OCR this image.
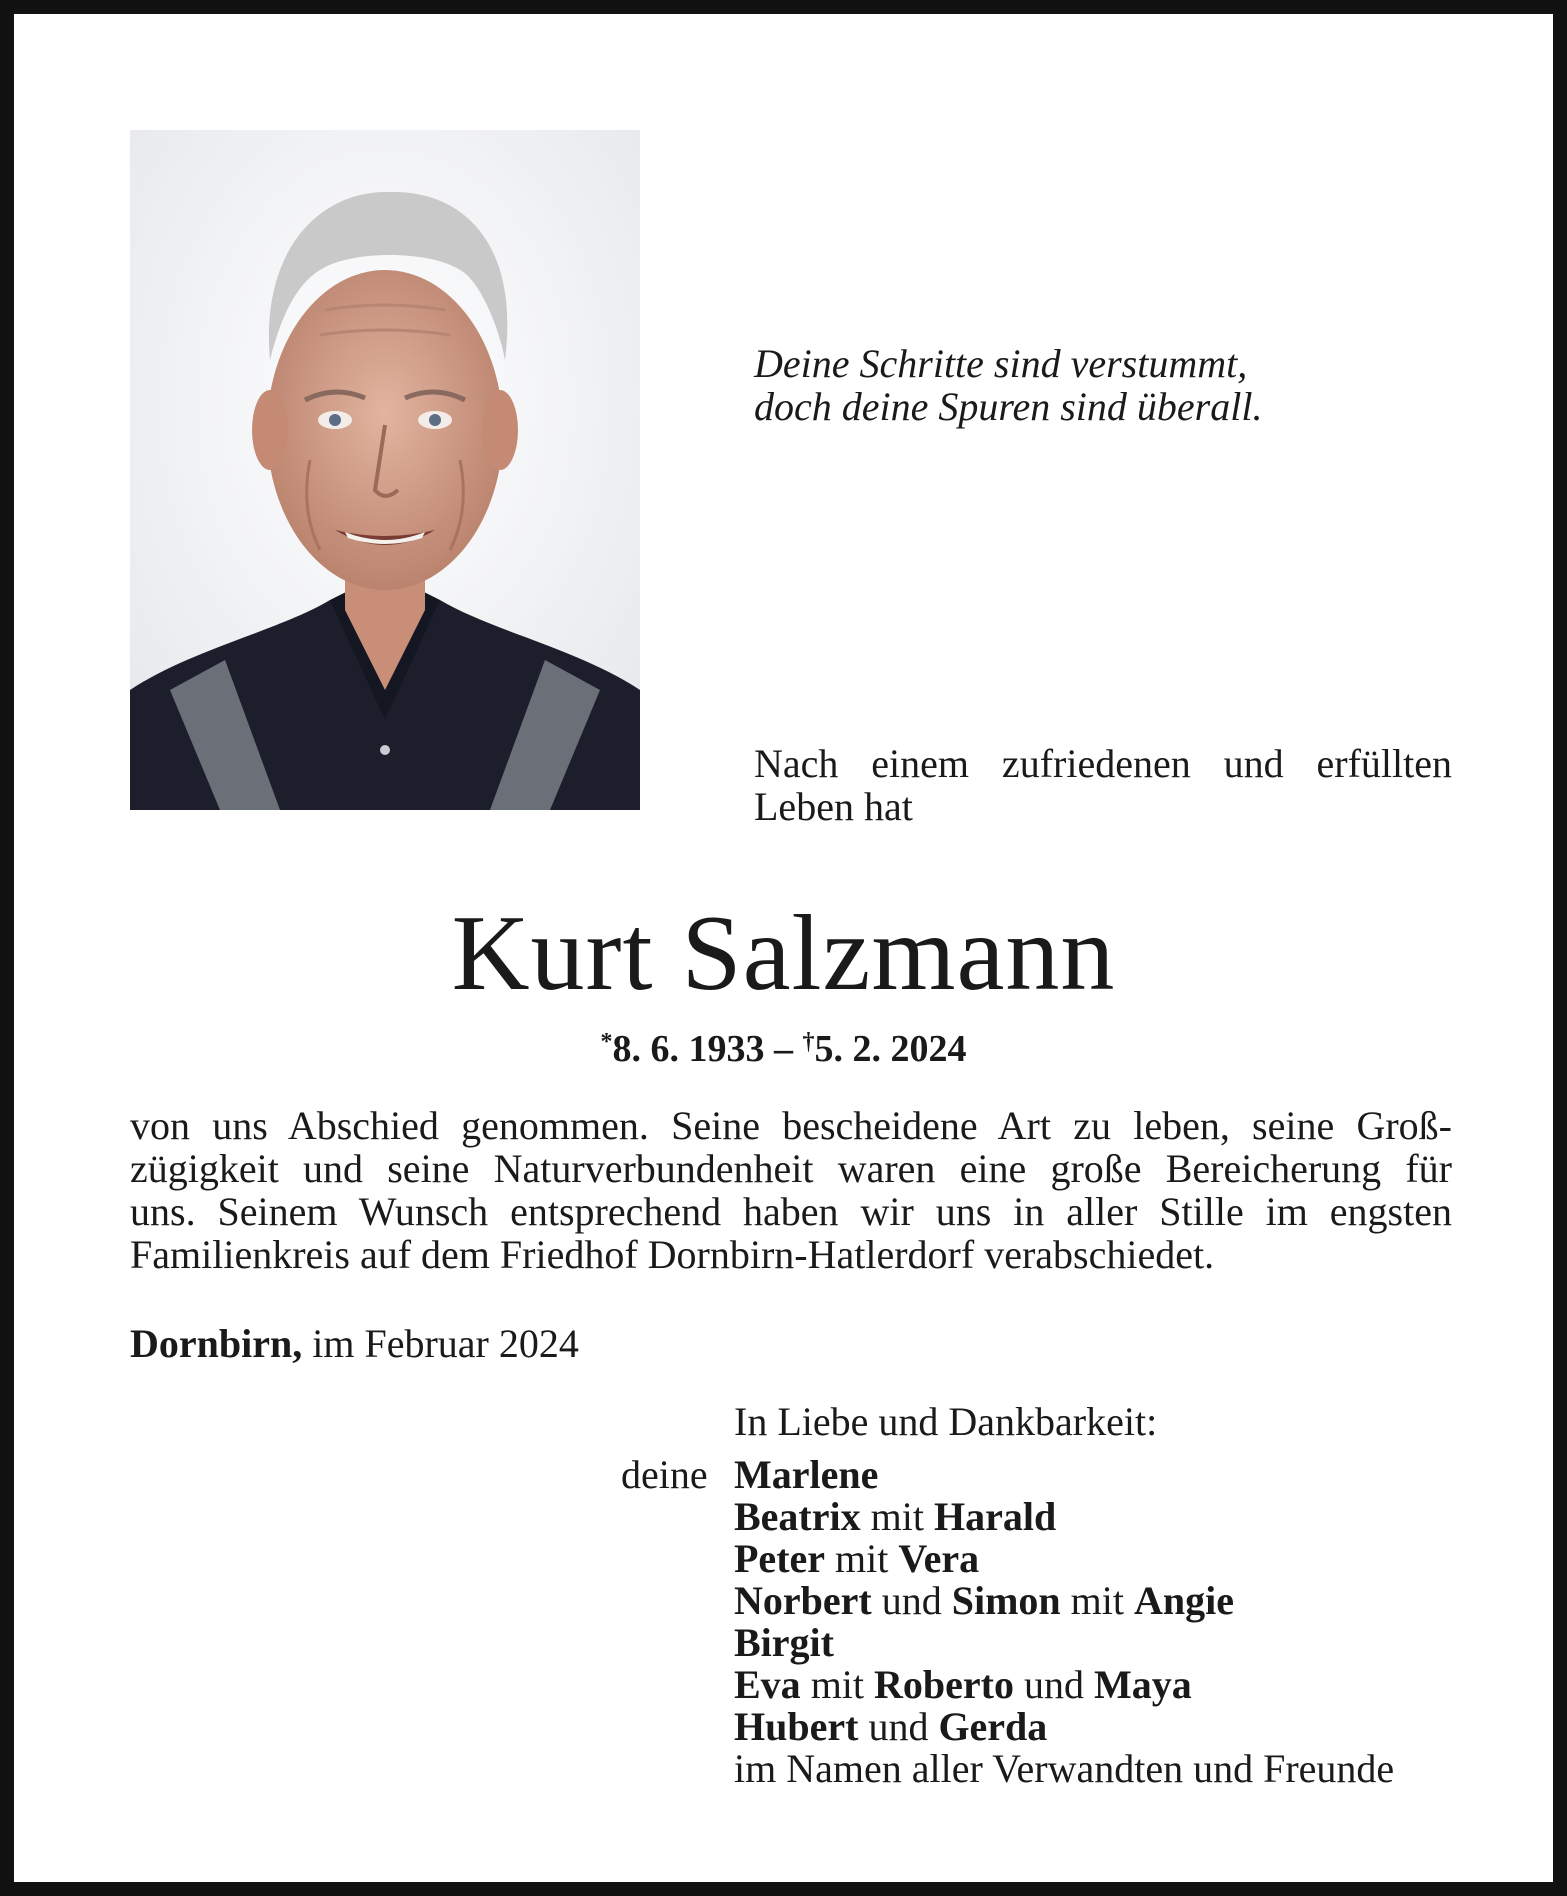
Deine Schritte sind verstummt,
doch deine Spuren sind überall.
Nach einem zufriedenen und erfüllten
Leben hat
Kurt Salzmann
*8. 6. 1933 – †5. 2. 2024
von uns Abschied genommen. Seine bescheidene Art zu leben, seine Groß-
zügigkeit und seine Naturverbundenheit waren eine große Bereicherung für
uns. Seinem Wunsch entsprechend haben wir uns in aller Stille im engsten
Familienkreis auf dem Friedhof Dornbirn-Hatlerdorf verabschiedet.
Dornbirn, im Februar 2024
In Liebe und Dankbarkeit:
deine Marlene
Beatrix mit Harald
Peter mit Vera
Norbert und Simon mit Angie
Birgit
Eva mit Roberto und Maya
Hubert und Gerda
im Namen aller Verwandten und Freunde
